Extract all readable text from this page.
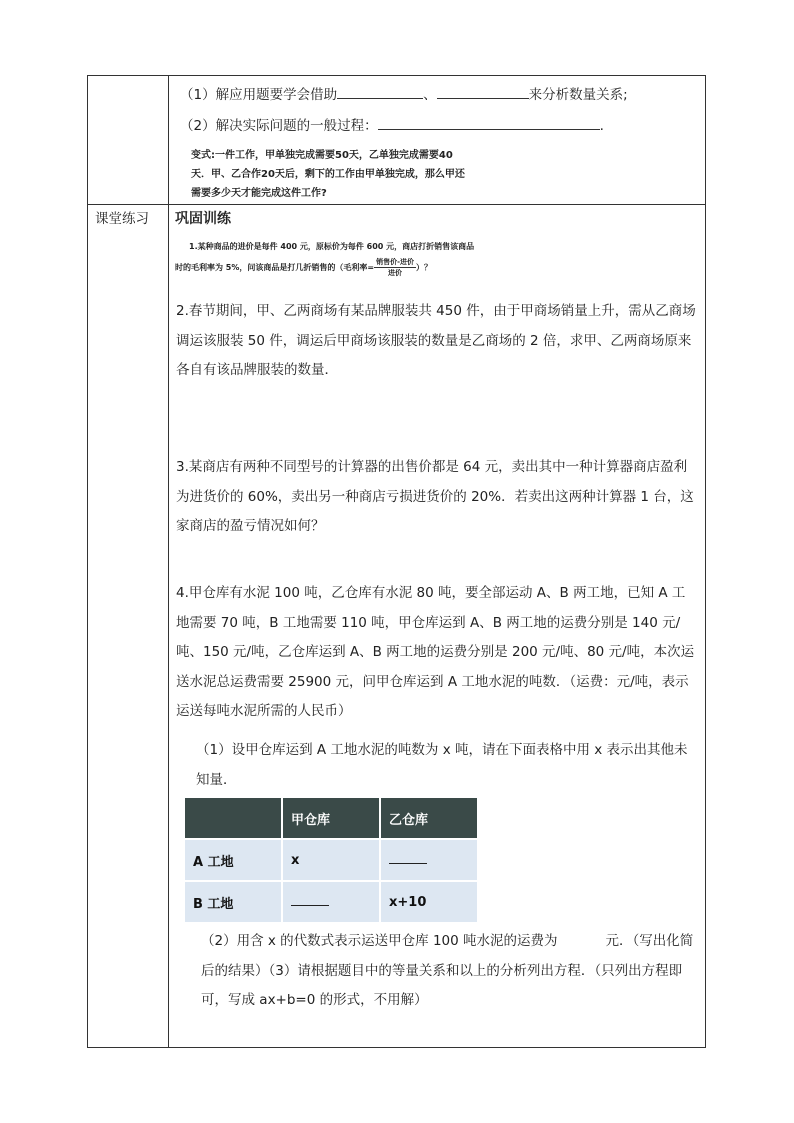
（1）解应用题要学会借助	、	来分析数量关系;
（2）解决实际问题的一般过程：	.
变式:一件工作，甲单独完成需要50天，乙单独完成需要40
天．甲、乙合作20天后，剩下的工作由甲单独完成，那么甲还
需要多少天才能完成这件工作?
课堂练习 巩固训练
1.某种商品的进价是每件 400 元，原标价为每件 600 元，商店打折销售该商品
时的毛利率为 5%，问该商品是打几折销售的（毛利率= $\frac{\text{销售价-进价}}{\text{进价}}$ ）？
2.春节期间，甲、乙两商场有某品牌服装共 450 件，由于甲商场销量上升，需从乙商场调运该服装 50 件，调运后甲商场该服装的数量是乙商场的 2 倍，求甲、乙两商场原来各自有该品牌服装的数量．
3.某商店有两种不同型号的计算器的出售价都是 64 元，卖出其中一种计算器商店盈利为进货价的 60%，卖出另一种商店亏损进货价的 20%．若卖出这两种计算器 1 台，这家商店的盈亏情况如何？
4.甲仓库有水泥 100 吨，乙仓库有水泥 80 吨，要全部运动 A、B 两工地，已知 A 工地需要 70 吨，B 工地需要 110 吨，甲仓库运到 A、B 两工地的运费分别是 140 元/吨、150 元/吨，乙仓库运到 A、B 两工地的运费分别是 200 元/吨、80 元/吨，本次运送水泥总运费需要 25900 元，问甲仓库运到 A 工地水泥的吨数．（运费：元/吨，表示运送每吨水泥所需的人民币）
（1）设甲仓库运到 A 工地水泥的吨数为 x 吨，请在下面表格中用 x 表示出其他未知量．
	甲仓库	乙仓库
A 工地	x	
B 工地		x+10
（2）用含 x 的代数式表示运送甲仓库 100 吨水泥的运费为	元．（写出化简后的结果）（3）请根据题目中的等量关系和以上的分析列出方程．（只列出方程即可，写成 ax+b=0 的形式，不用解）
